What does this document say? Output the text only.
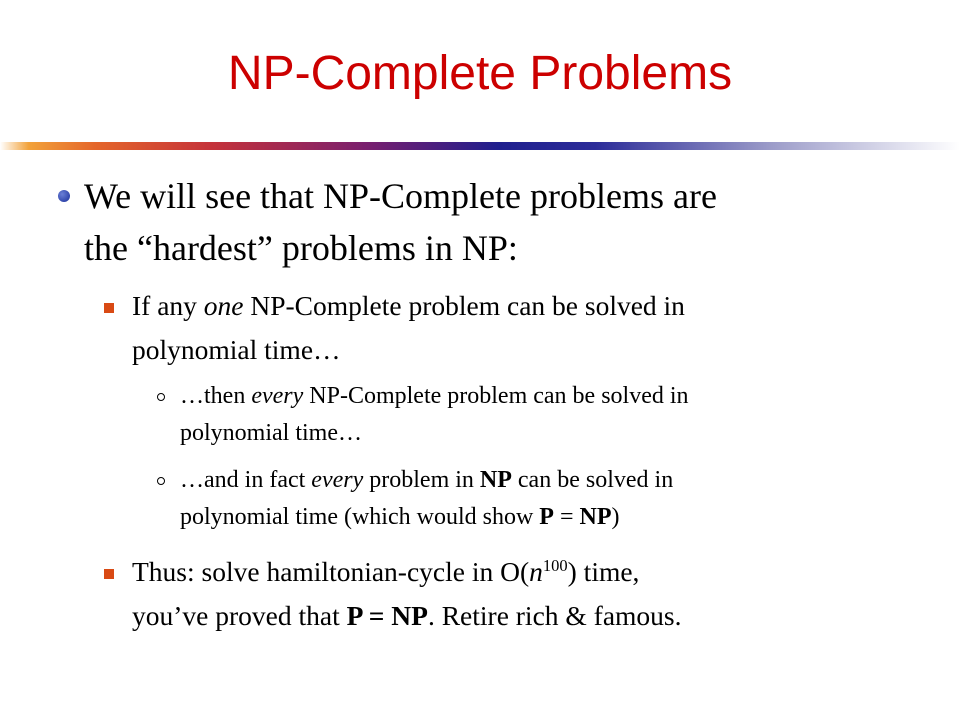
NP-Complete Problems
We will see that NP-Complete problems are
the “hardest” problems in NP:
If any one NP-Complete problem can be solved in
polynomial time…
…then every NP-Complete problem can be solved in
polynomial time…
…and in fact every problem in NP can be solved in
polynomial time (which would show P = NP)
Thus: solve hamiltonian-cycle in $O(n^{100})$ time,
you’ve proved that P = NP. Retire rich & famous.
